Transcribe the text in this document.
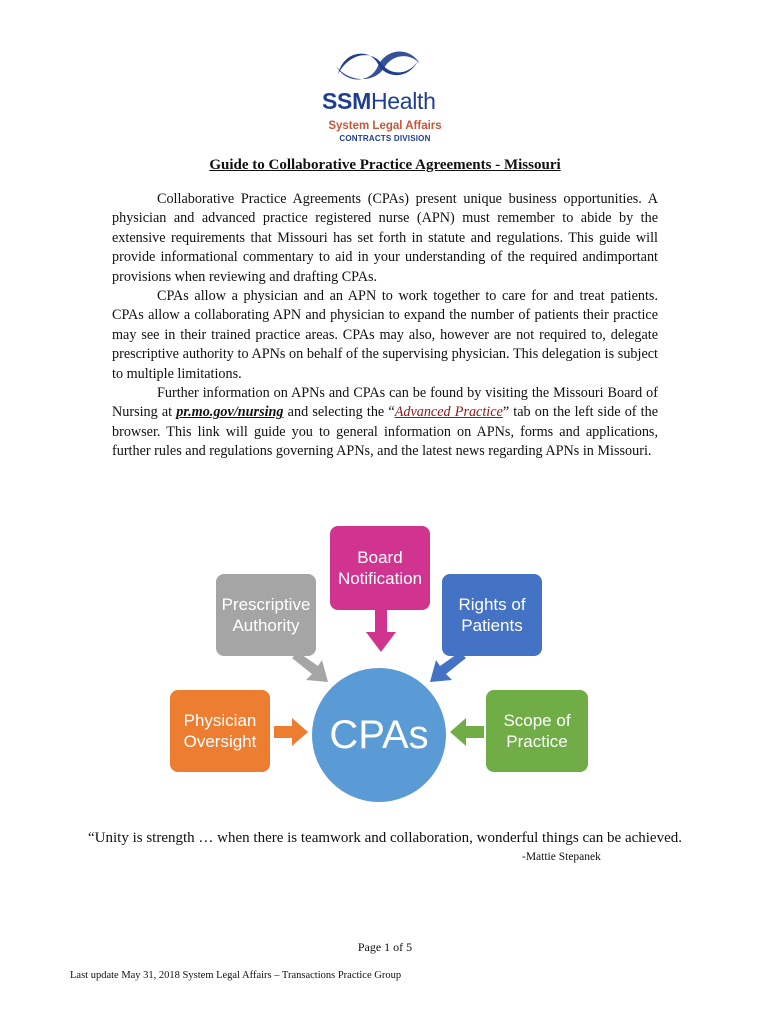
SSMHealth
System Legal Affairs
CONTRACTS DIVISION
Guide to Collaborative Practice Agreements - Missouri

Collaborative Practice Agreements (CPAs) present unique business opportunities. A physician and advanced practice registered nurse (APN) must remember to abide by the extensive requirements that Missouri has set forth in statute and regulations. This guide will provide informational commentary to aid in your understanding of the required andimportant provisions when reviewing and drafting CPAs.

CPAs allow a physician and an APN to work together to care for and treat patients. CPAs allow a collaborating APN and physician to expand the number of patients their practice may see in their trained practice areas. CPAs may also, however are not required to, delegate prescriptive authority to APNs on behalf of the supervising physician. This delegation is subject to multiple limitations.

Further information on APNs and CPAs can be found by visiting the Missouri Board of Nursing at pr.mo.gov/nursing and selecting the “Advanced Practice” tab on the left side of the browser. This link will guide you to general information on APNs, forms and applications, further rules and regulations governing APNs, and the latest news regarding APNs in Missouri.

Board
Notification
Prescriptive
Authority
Rights of
Patients
Physician
Oversight
Scope of
Practice
CPAs
“Unity is strength … when there is teamwork and collaboration, wonderful things can be achieved.
-Mattie Stepanek
Page 1 of 5
Last update May 31, 2018 System Legal Affairs – Transactions Practice Group
